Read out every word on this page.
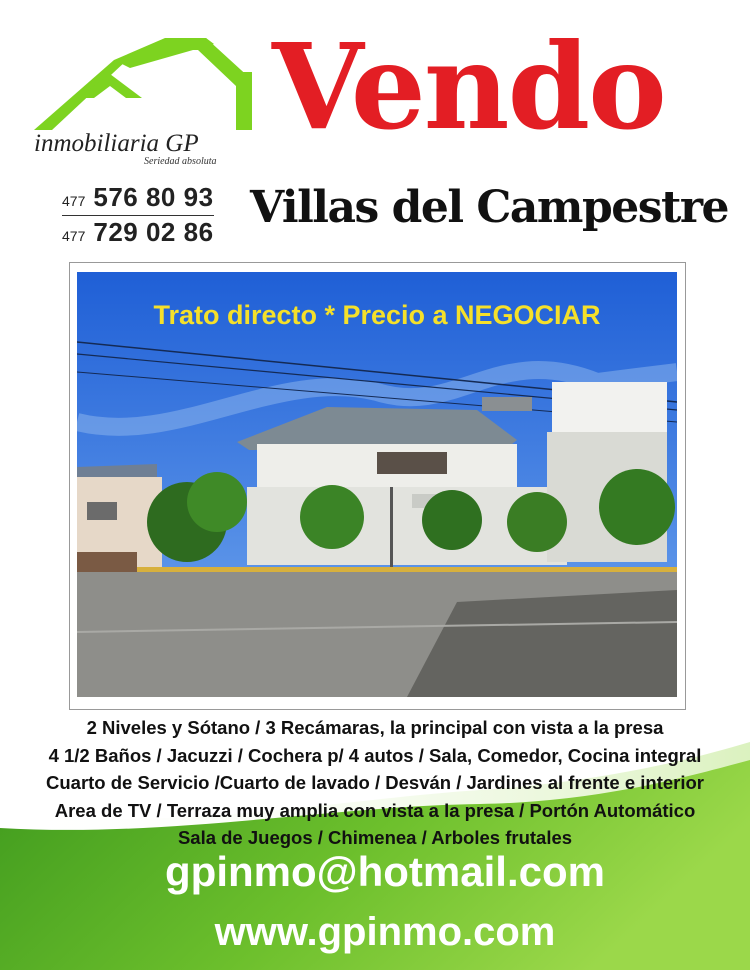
inmobiliaria GP
Seriedad absoluta
477 576 80 93
477 729 02 86
Vendo
Villas del Campestre
Trato directo * Precio a NEGOCIAR
2 Niveles y Sótano / 3 Recámaras, la principal con vista a la presa
4 1/2 Baños / Jacuzzi / Cochera p/ 4 autos / Sala, Comedor, Cocina integral
Cuarto de Servicio /Cuarto de lavado / Desván / Jardines al frente e interior
Area de TV / Terraza muy amplia con vista a la presa / Portón Automático
Sala de Juegos / Chimenea / Arboles frutales
gpinmo@hotmail.com
www.gpinmo.com
